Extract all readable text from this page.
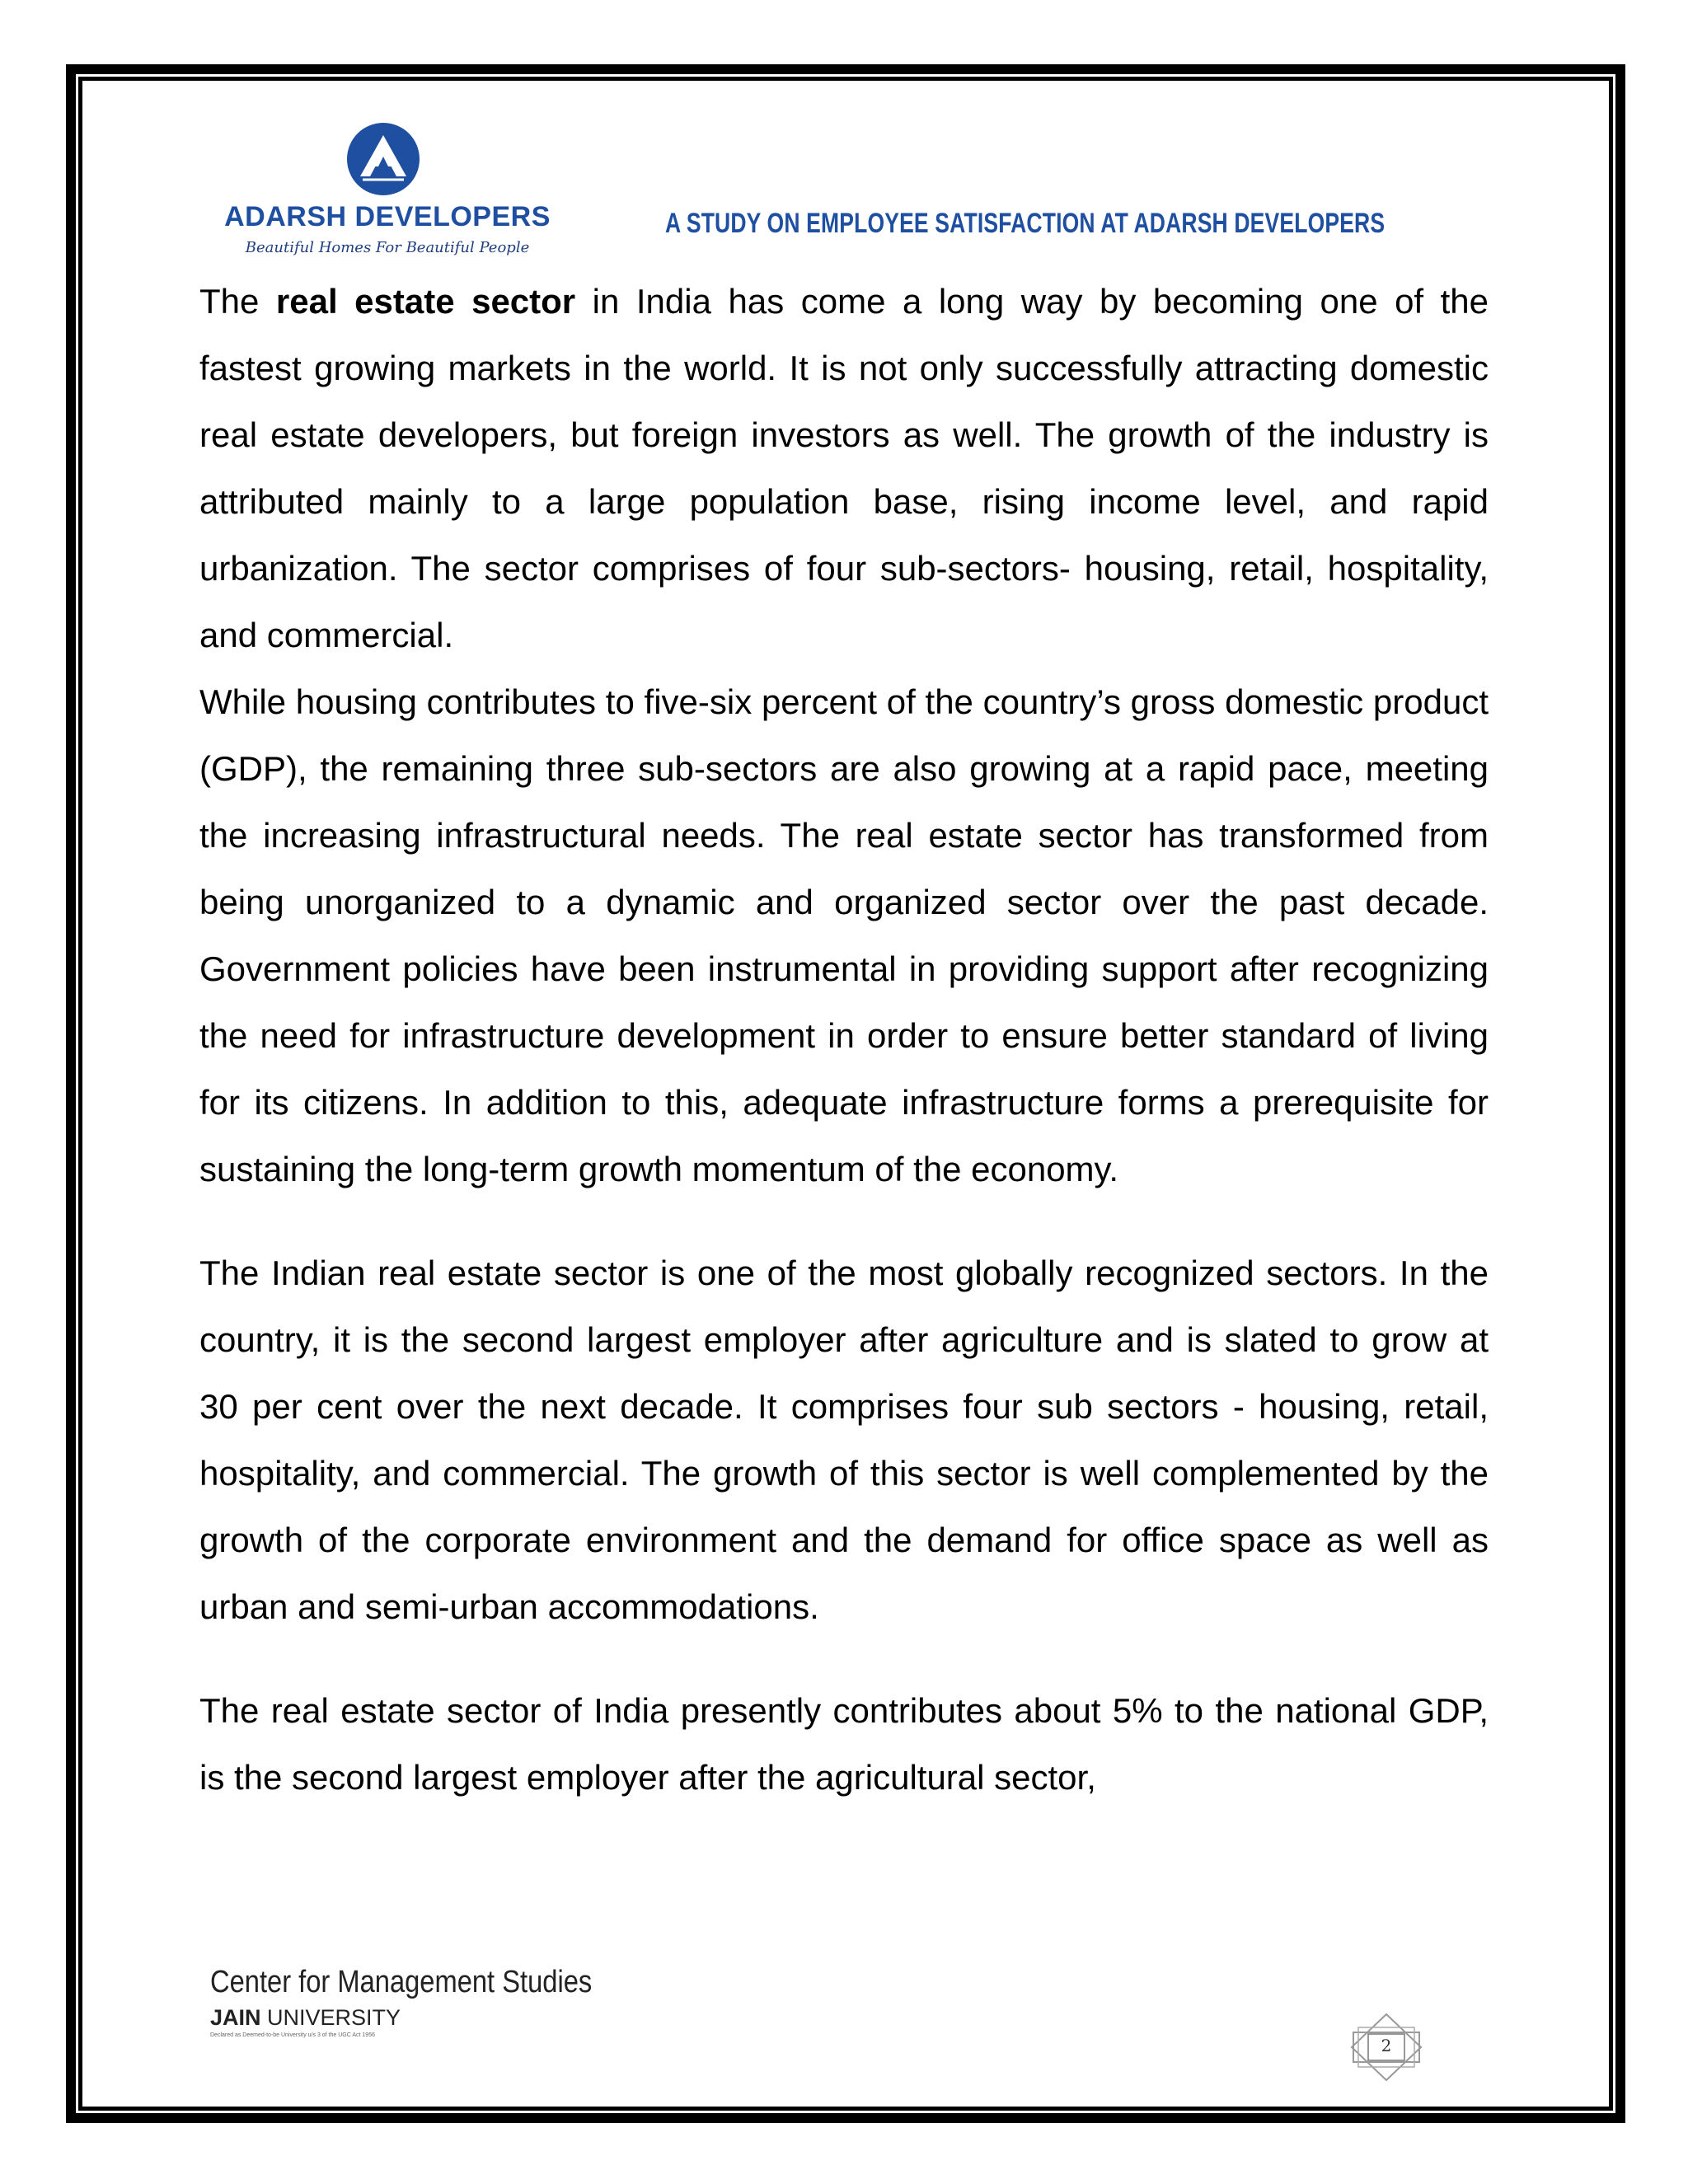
ADARSH DEVELOPERS
Beautiful Homes For Beautiful People
A STUDY ON EMPLOYEE SATISFACTION AT ADARSH DEVELOPERS

The real estate sector in India has come a long way by becoming one of the fastest growing markets in the world. It is not only successfully attracting domestic real estate developers, but foreign investors as well. The growth of the industry is attributed mainly to a large population base, rising income level, and rapid urbanization. The sector comprises of four sub-sectors- housing, retail, hospitality, and commercial.

While housing contributes to five-six percent of the country’s gross domestic product (GDP), the remaining three sub-sectors are also growing at a rapid pace, meeting the increasing infrastructural needs. The real estate sector has transformed from being unorganized to a dynamic and organized sector over the past decade. Government policies have been instrumental in providing support after recognizing the need for infrastructure development in order to ensure better standard of living for its citizens. In addition to this, adequate infrastructure forms a prerequisite for sustaining the long-term growth momentum of the economy.

The Indian real estate sector is one of the most globally recognized sectors. In the country, it is the second largest employer after agriculture and is slated to grow at 30 per cent over the next decade. It comprises four sub sectors - housing, retail, hospitality, and commercial. The growth of this sector is well complemented by the growth of the corporate environment and the demand for office space as well as urban and semi-urban accommodations.

The real estate sector of India presently contributes about 5% to the national GDP, is the second largest employer after the agricultural sector,

Center for Management Studies
JAIN UNIVERSITY
Declared as Deemed-to-be University u/s 3 of the UGC Act 1956
2
